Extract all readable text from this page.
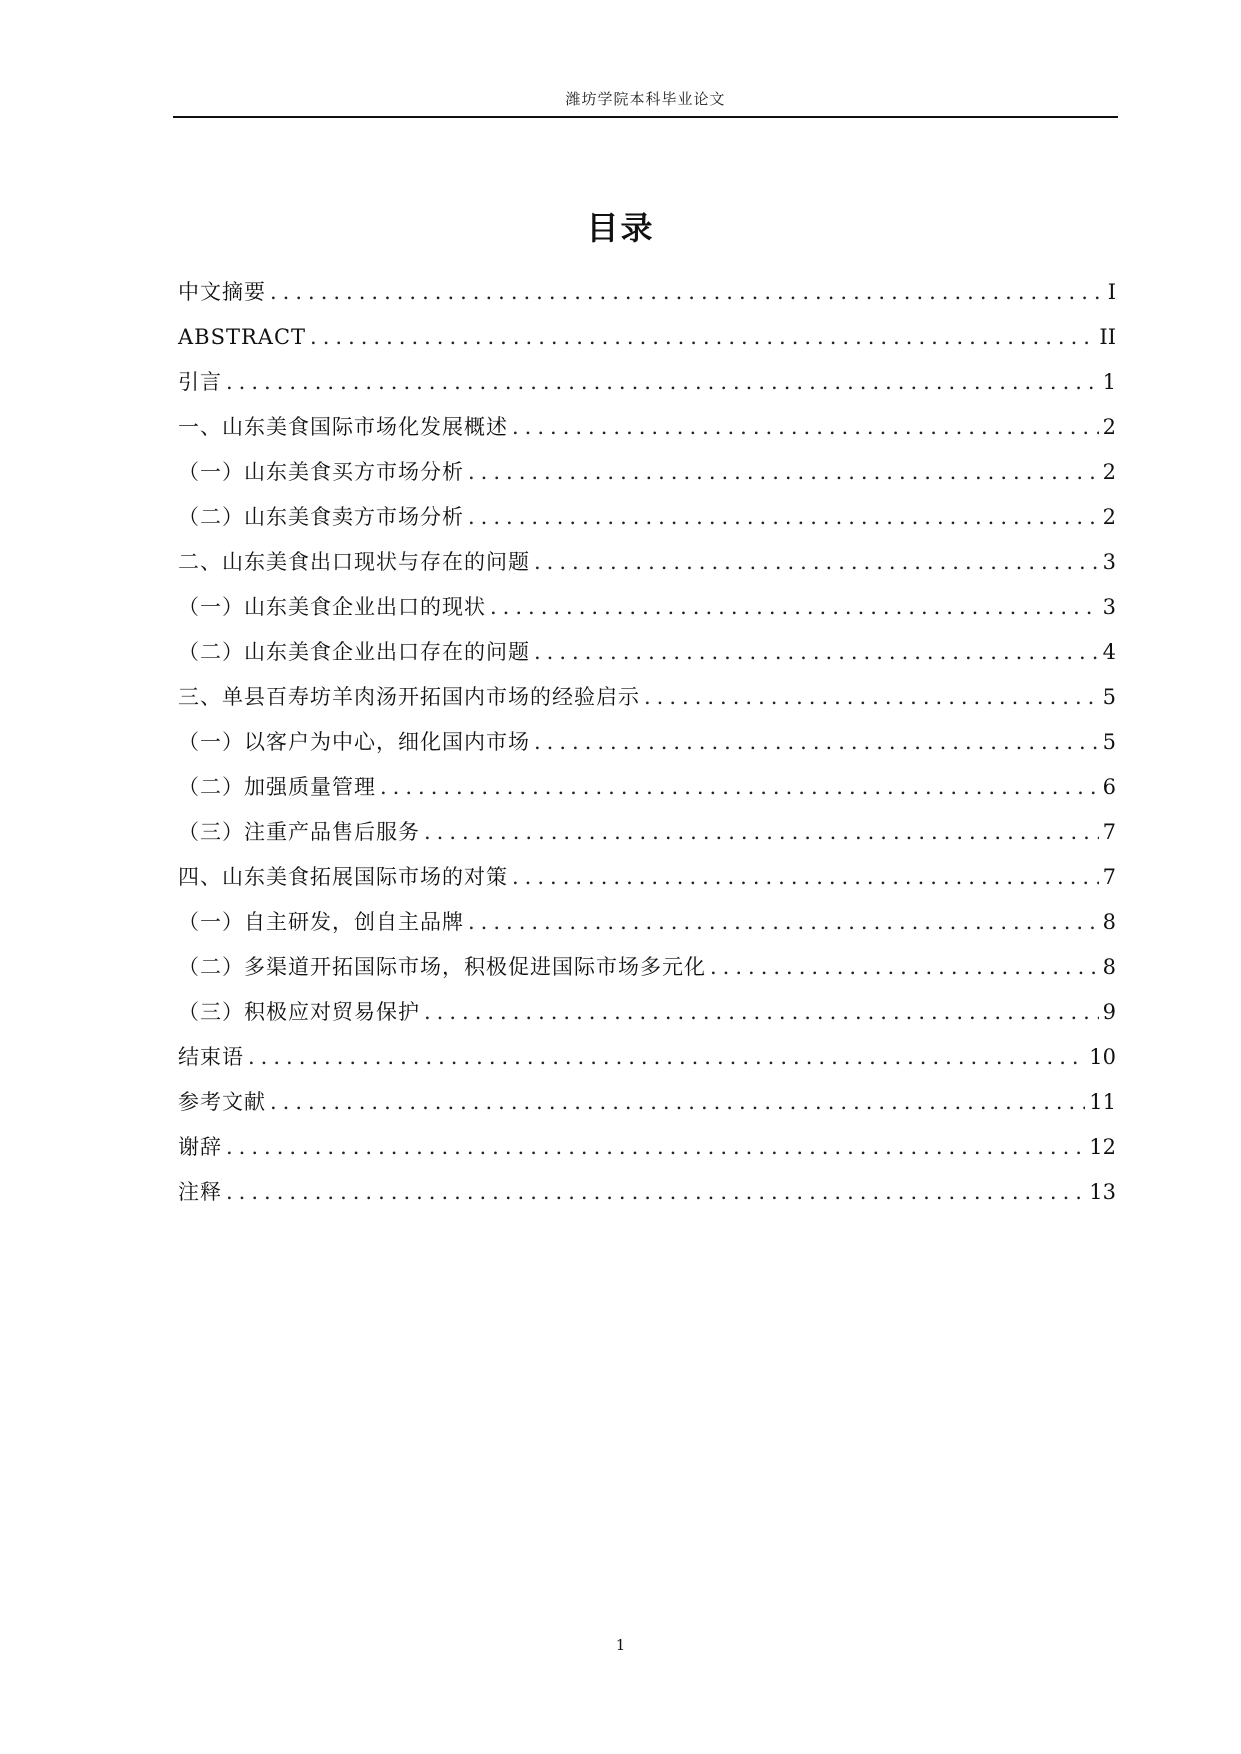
潍坊学院本科毕业论文
目录
中文摘要 .....	I
ABSTRACT .....	II
引言 .....	1
一、山东美食国际市场化发展概述 .....	2
（一）山东美食买方市场分析 .....	2
（二）山东美食卖方市场分析 .....	2
二、山东美食出口现状与存在的问题 .....	3
（一）山东美食企业出口的现状 .....	3
（二）山东美食企业出口存在的问题 .....	4
三、单县百寿坊羊肉汤开拓国内市场的经验启示 .....	5
（一）以客户为中心，细化国内市场 .....	5
（二）加强质量管理 .....	6
（三）注重产品售后服务 .....	7
四、山东美食拓展国际市场的对策 .....	7
（一）自主研发，创自主品牌 .....	8
（二）多渠道开拓国际市场，积极促进国际市场多元化 .....	8
（三）积极应对贸易保护 .....	9
结束语 .....	10
参考文献 .....	11
谢辞 .....	12
注释 .....	13
1
